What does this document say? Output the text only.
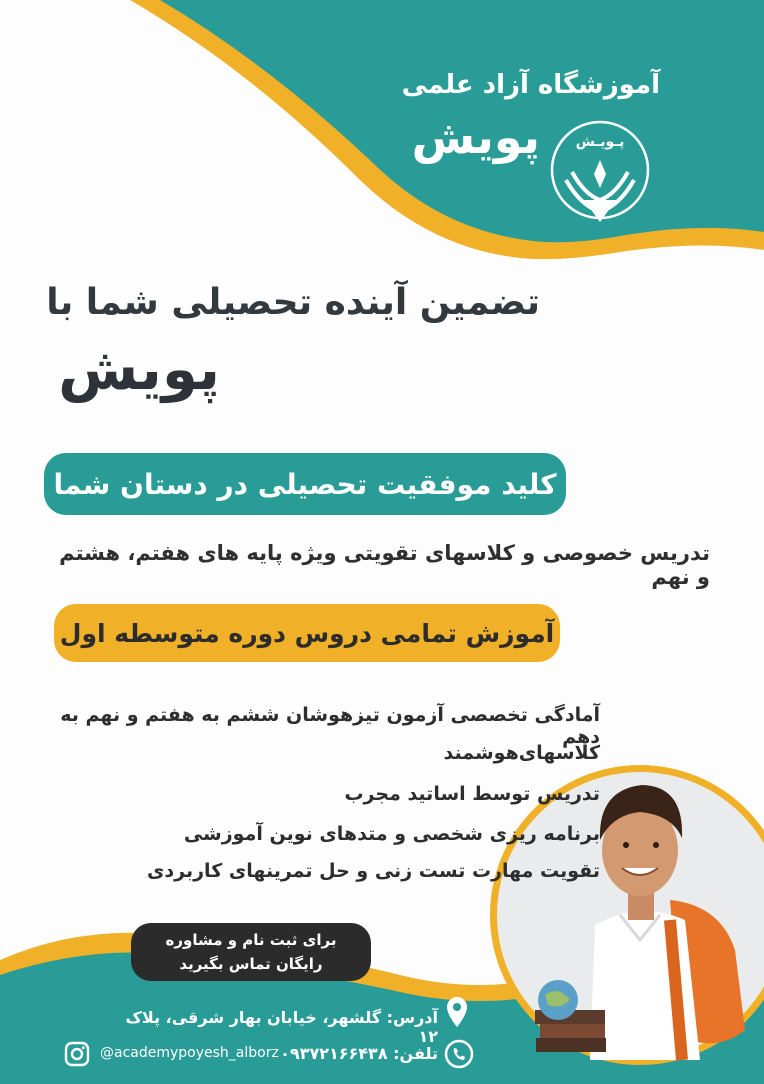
پـویـش
آموزشگاه آزاد علمی
پویش
تضمین آینده تحصیلی شما با
پویش
کلید موفقیت تحصیلی در دستان شما
تدریس خصوصی و کلاسهای تقویتی ویژه پایه های هفتم، هشتم و نهم
آموزش تمامی دروس دوره متوسطه اول
آمادگی تخصصی آزمون تیزهوشان ششم به هفتم و نهم به دهم
کلاسهای‌هوشمند
تدریس توسط اساتید مجرب
برنامه ریزی شخصی و متدهای نوین آموزشی
تقویت مهارت تست زنی و حل تمرینهای کاربردی
برای ثبت نام و مشاوره
رایگان تماس بگیرید
آدرس: گلشهر، خیابان بهار شرقی، پلاک ۱۲
تلفن: ۰۹۳۷۲۱۶۶۴۳۸
@academypoyesh_alborz
